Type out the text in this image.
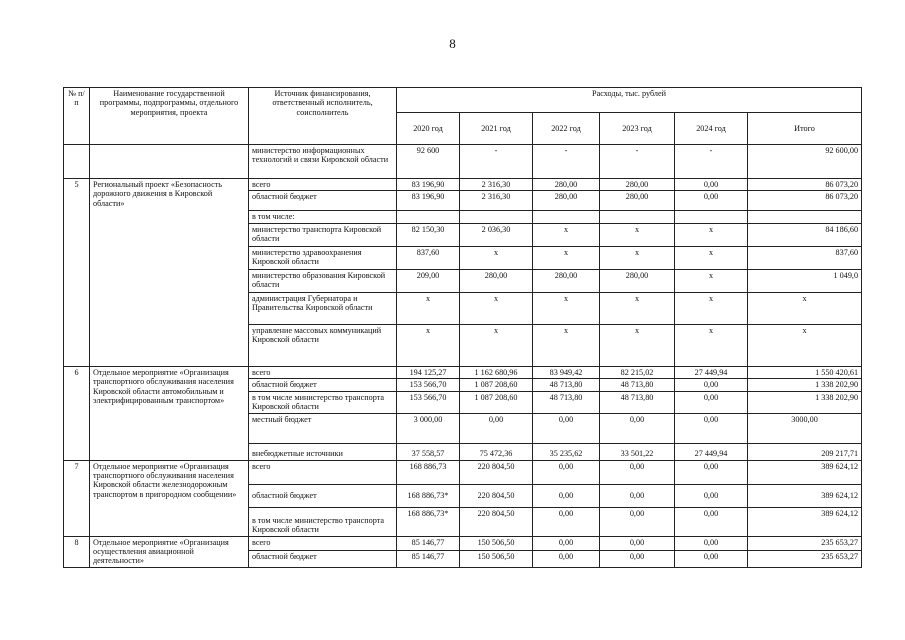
8
№ п/п	Наименование государственной программы, подпрограммы, отдельного мероприятия, проекта	Источник финансирования, ответственный исполнитель, соисполнитель	Расходы, тыс. рублей					
			2020 год	2021 год	2022 год	2023 год	2024 год	Итого
		министерство информационных технологий и связи Кировской области	92 600	-	-	-	-	92 600,00
5	Региональный проект «Безопасность дорожного движения в Кировской области»	всего	83 196,90	2 316,30	280,00	280,00	0,00	86 073,20
		областной бюджет	83 196,90	2 316,30	280,00	280,00	0,00	86 073,20
		в том числе:						
		министерство транспорта Кировской области	82 150,30	2 036,30	x	x	x	84 186,60
		министерство здравоохранения Кировской области	837,60	x	x	x	x	837,60
		министерство образования Кировской области	209,00	280,00	280,00	280,00	x	1 049,0
		администрация Губернатора и Правительства Кировской области	x	x	x	x	x	x
		управление массовых коммуникаций Кировской области	x	x	x	x	x	x
6	Отдельное мероприятие «Организация транспортного обслуживания населения Кировской области автомобильным и электрифицированным транспортом»	всего	194 125,27	1 162 680,96	83 949,42	82 215,02	27 449,94	1 550 420,61
		областной бюджет	153 566,70	1 087 208,60	48 713,80	48 713,80	0,00	1 338 202,90
		в том числе министерство транспорта Кировской области	153 566,70	1 087 208,60	48 713,80	48 713,80	0,00	1 338 202,90
		местный бюджет	3 000,00	0,00	0,00	0,00	0,00	3000,00
		внебюджетные источники	37 558,57	75 472,36	35 235,62	33 501,22	27 449,94	209 217,71
7	Отдельное мероприятие «Организация транспортного обслуживания населения Кировской области железнодорожным транспортом в пригородном сообщении»	всего	168 886,73	220 804,50	0,00	0,00	0,00	389 624,12
		областной бюджет	168 886,73*	220 804,50	0,00	0,00	0,00	389 624,12
		в том числе министерство транспорта Кировской области	168 886,73*	220 804,50	0,00	0,00	0,00	389 624,12
8	Отдельное мероприятие «Организация осуществления авиационной деятельности»	всего	85 146,77	150 506,50	0,00	0,00	0,00	235 653,27
		областной бюджет	85 146,77	150 506,50	0,00	0,00	0,00	235 653,27
